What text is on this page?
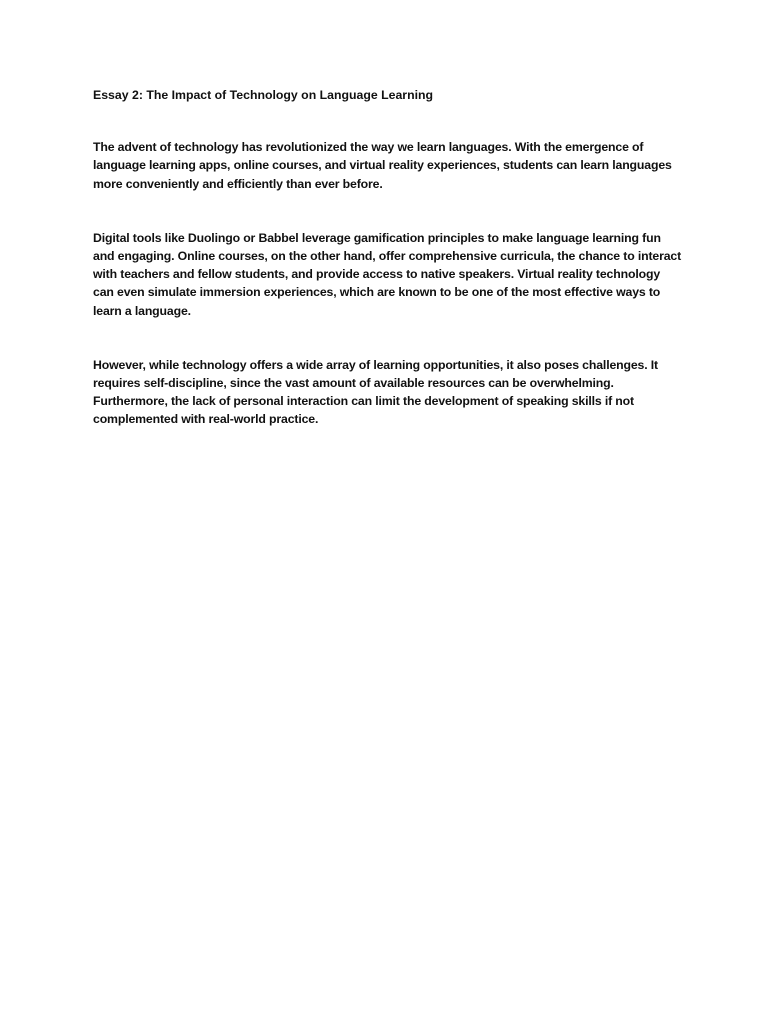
Essay 2: The Impact of Technology on Language Learning

The advent of technology has revolutionized the way we learn languages. With the emergence of language learning apps, online courses, and virtual reality experiences, students can learn languages more conveniently and efficiently than ever before.

Digital tools like Duolingo or Babbel leverage gamification principles to make language learning fun and engaging. Online courses, on the other hand, offer comprehensive curricula, the chance to interact with teachers and fellow students, and provide access to native speakers. Virtual reality technology can even simulate immersion experiences, which are known to be one of the most effective ways to learn a language.

However, while technology offers a wide array of learning opportunities, it also poses challenges. It requires self-discipline, since the vast amount of available resources can be overwhelming. Furthermore, the lack of personal interaction can limit the development of speaking skills if not complemented with real-world practice.
